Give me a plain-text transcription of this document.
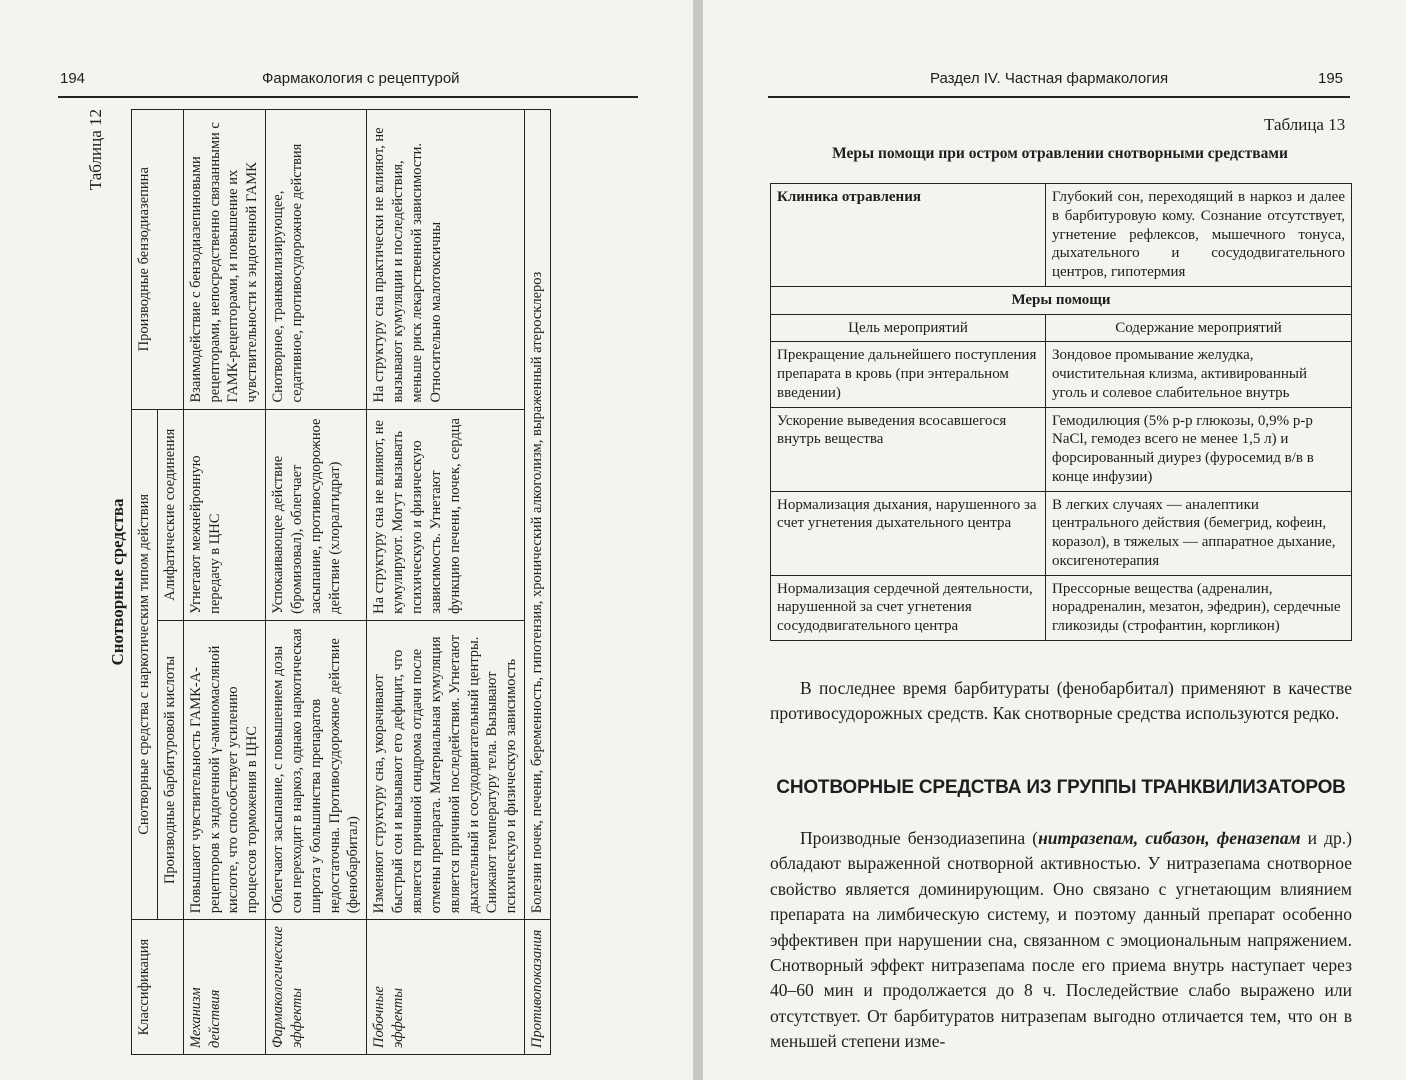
194	Фармакология с рецептурой
Таблица 12
Снотворные средства
Классификация	Снотворные средства с наркотическим типом действия		Производные бензодиазепина
	Производные барбитуровой кислоты	Алифатические соединения	
Механизм действия	Повышают чувствительность ГАМК-А-рецепторов к эндогенной γ-аминомасляной кислоте, что способствует усилению процессов торможения в ЦНС	Угнетают межнейронную передачу в ЦНС	Взаимодействие с бензодиазепиновыми рецепторами, непосредственно связанными с ГАМК-рецепторами, и повышение их чувствительности к эндогенной ГАМК
Фармакологические эффекты	Облегчают засыпание, с повышением дозы сон переходит в наркоз, однако наркотическая широта у большинства препаратов недостаточна. Противосудорожное действие (фенобарбитал)	Успокаивающее действие (бромизовал), облегчает засыпание, противосудорожное действие (хлоралгидрат)	Снотворное, транквилизирующее, седативное, противосудорожное действия
Побочные эффекты	Изменяют структуру сна, укорачивают быстрый сон и вызывают его дефицит, что является причиной синдрома отдачи после отмены препарата. Материальная кумуляция является причиной последействия. Угнетают дыхательный и сосудодвигательный центры. Снижают температуру тела. Вызывают психическую и физическую зависимость	На структуру сна не влияют, не кумулируют. Могут вызывать психическую и физическую зависимость. Угнетают функцию печени, почек, сердца	На структуру сна практически не влияют, не вызывают кумуляции и последействия, меньше риск лекарственной зависимости. Относительно малотоксичны
Противопоказания	Болезни почек, печени, беременность, гипотензия, хронический алкоголизм, выраженный атеросклероз		
Раздел IV. Частная фармакология	195
Таблица 13
Меры помощи при остром отравлении снотворными средствами
Клиника отравления	Глубокий сон, переходящий в наркоз и далее в барбитуровую кому. Сознание отсутствует, угнетение рефлексов, мышечного тонуса, дыхательного и сосудодвигательного центров, гипотермия
Меры помощи	
Цель мероприятий	Содержание мероприятий
Прекращение дальнейшего поступления препарата в кровь (при энтеральном введении)	Зондовое промывание желудка, очистительная клизма, активированный уголь и солевое слабительное внутрь
Ускорение выведения всосавшегося внутрь вещества	Гемодилюция (5% р-р глюкозы, 0,9% р-р NaCl, гемодез всего не менее 1,5 л) и форсированный диурез (фуросемид в/в в конце инфузии)
Нормализация дыхания, нарушенного за счет угнетения дыхательного центра	В легких случаях — аналептики центрального действия (бемегрид, кофеин, коразол), в тяжелых — аппаратное дыхание, оксигенотерапия
Нормализация сердечной деятельности, нарушенной за счет угнетения сосудодвигательного центра	Прессорные вещества (адреналин, норадреналин, мезатон, эфедрин), сердечные гликозиды (строфантин, коргликон)

В последнее время барбитураты (фенобарбитал) применяют в качестве противосудорожных средств. Как снотворные средства используются редко.

СНОТВОРНЫЕ СРЕДСТВА ИЗ ГРУППЫ ТРАНКВИЛИЗАТОРОВ

Производные бензодиазепина (нитразепам, сибазон, феназепам и др.) обладают выраженной снотворной активностью. У нитразепама снотворное свойство является доминирующим. Оно связано с угнетающим влиянием препарата на лимбическую систему, и поэтому данный препарат особенно эффективен при нарушении сна, связанном с эмоциональным напряжением. Снотворный эффект нитразепама после его приема внутрь наступает через 40–60 мин и продолжается до 8 ч. Последействие слабо выражено или отсутствует. От барбитуратов нитразепам выгодно отличается тем, что он в меньшей степени изме-
